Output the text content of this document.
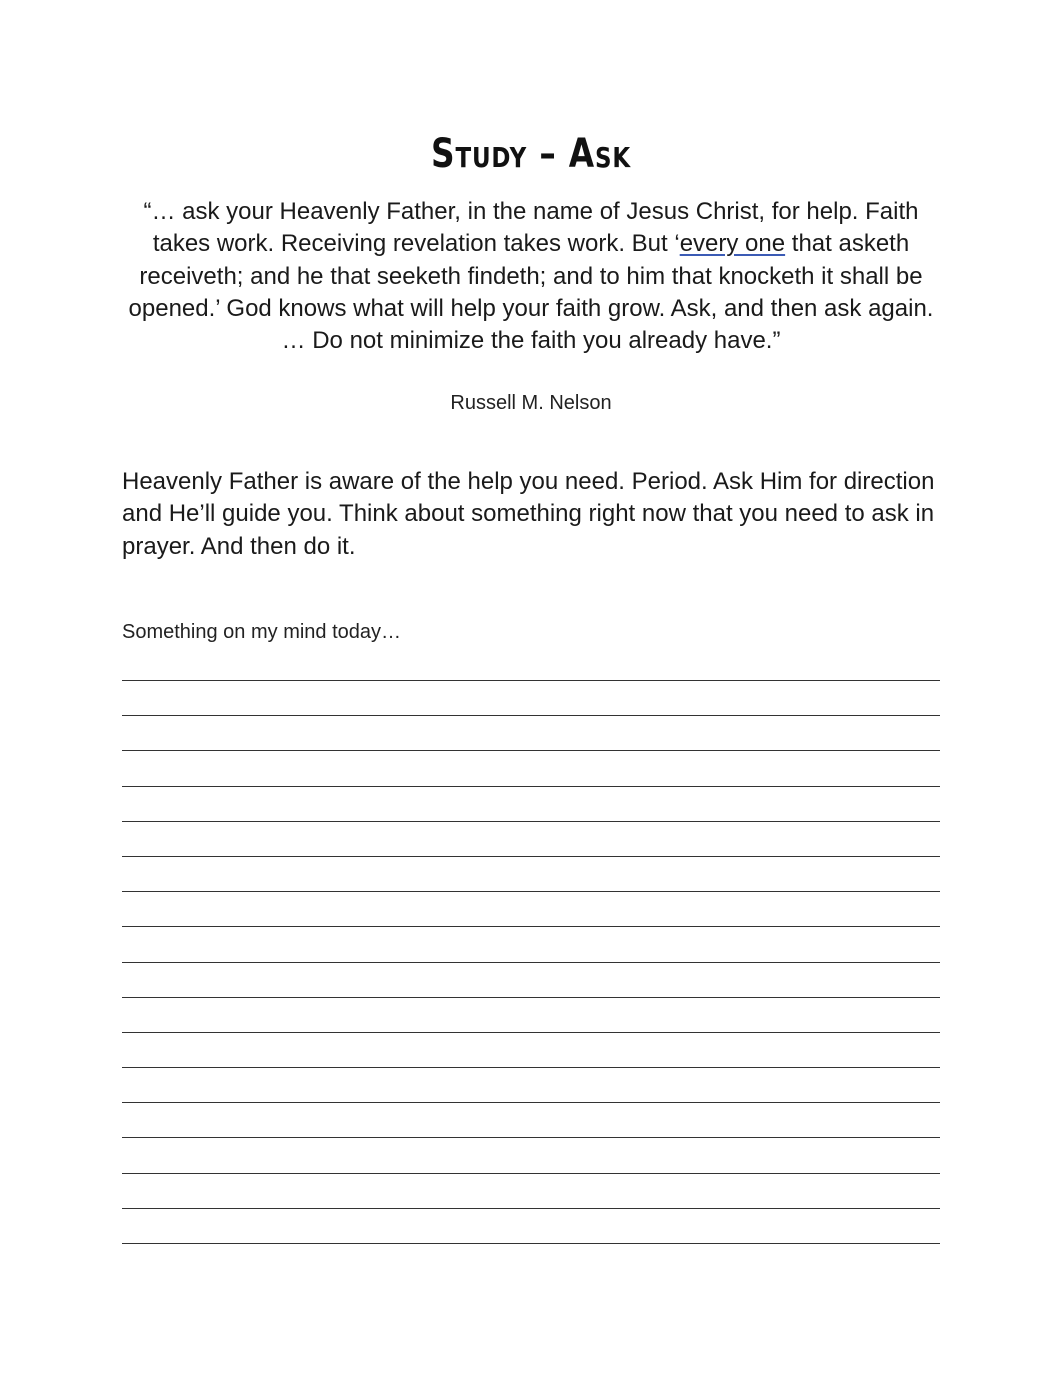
Study – Ask

“… ask your Heavenly Father, in the name of Jesus Christ, for help. Faith takes work. Receiving revelation takes work. But ‘every one that asketh receiveth; and he that seeketh findeth; and to him that knocketh it shall be opened.’ God knows what will help your faith grow. Ask, and then ask again. … Do not minimize the faith you already have.”

Russell M. Nelson

Heavenly Father is aware of the help you need. Period. Ask Him for direction and He’ll guide you. Think about something right now that you need to ask in prayer. And then do it.

Something on my mind today…
